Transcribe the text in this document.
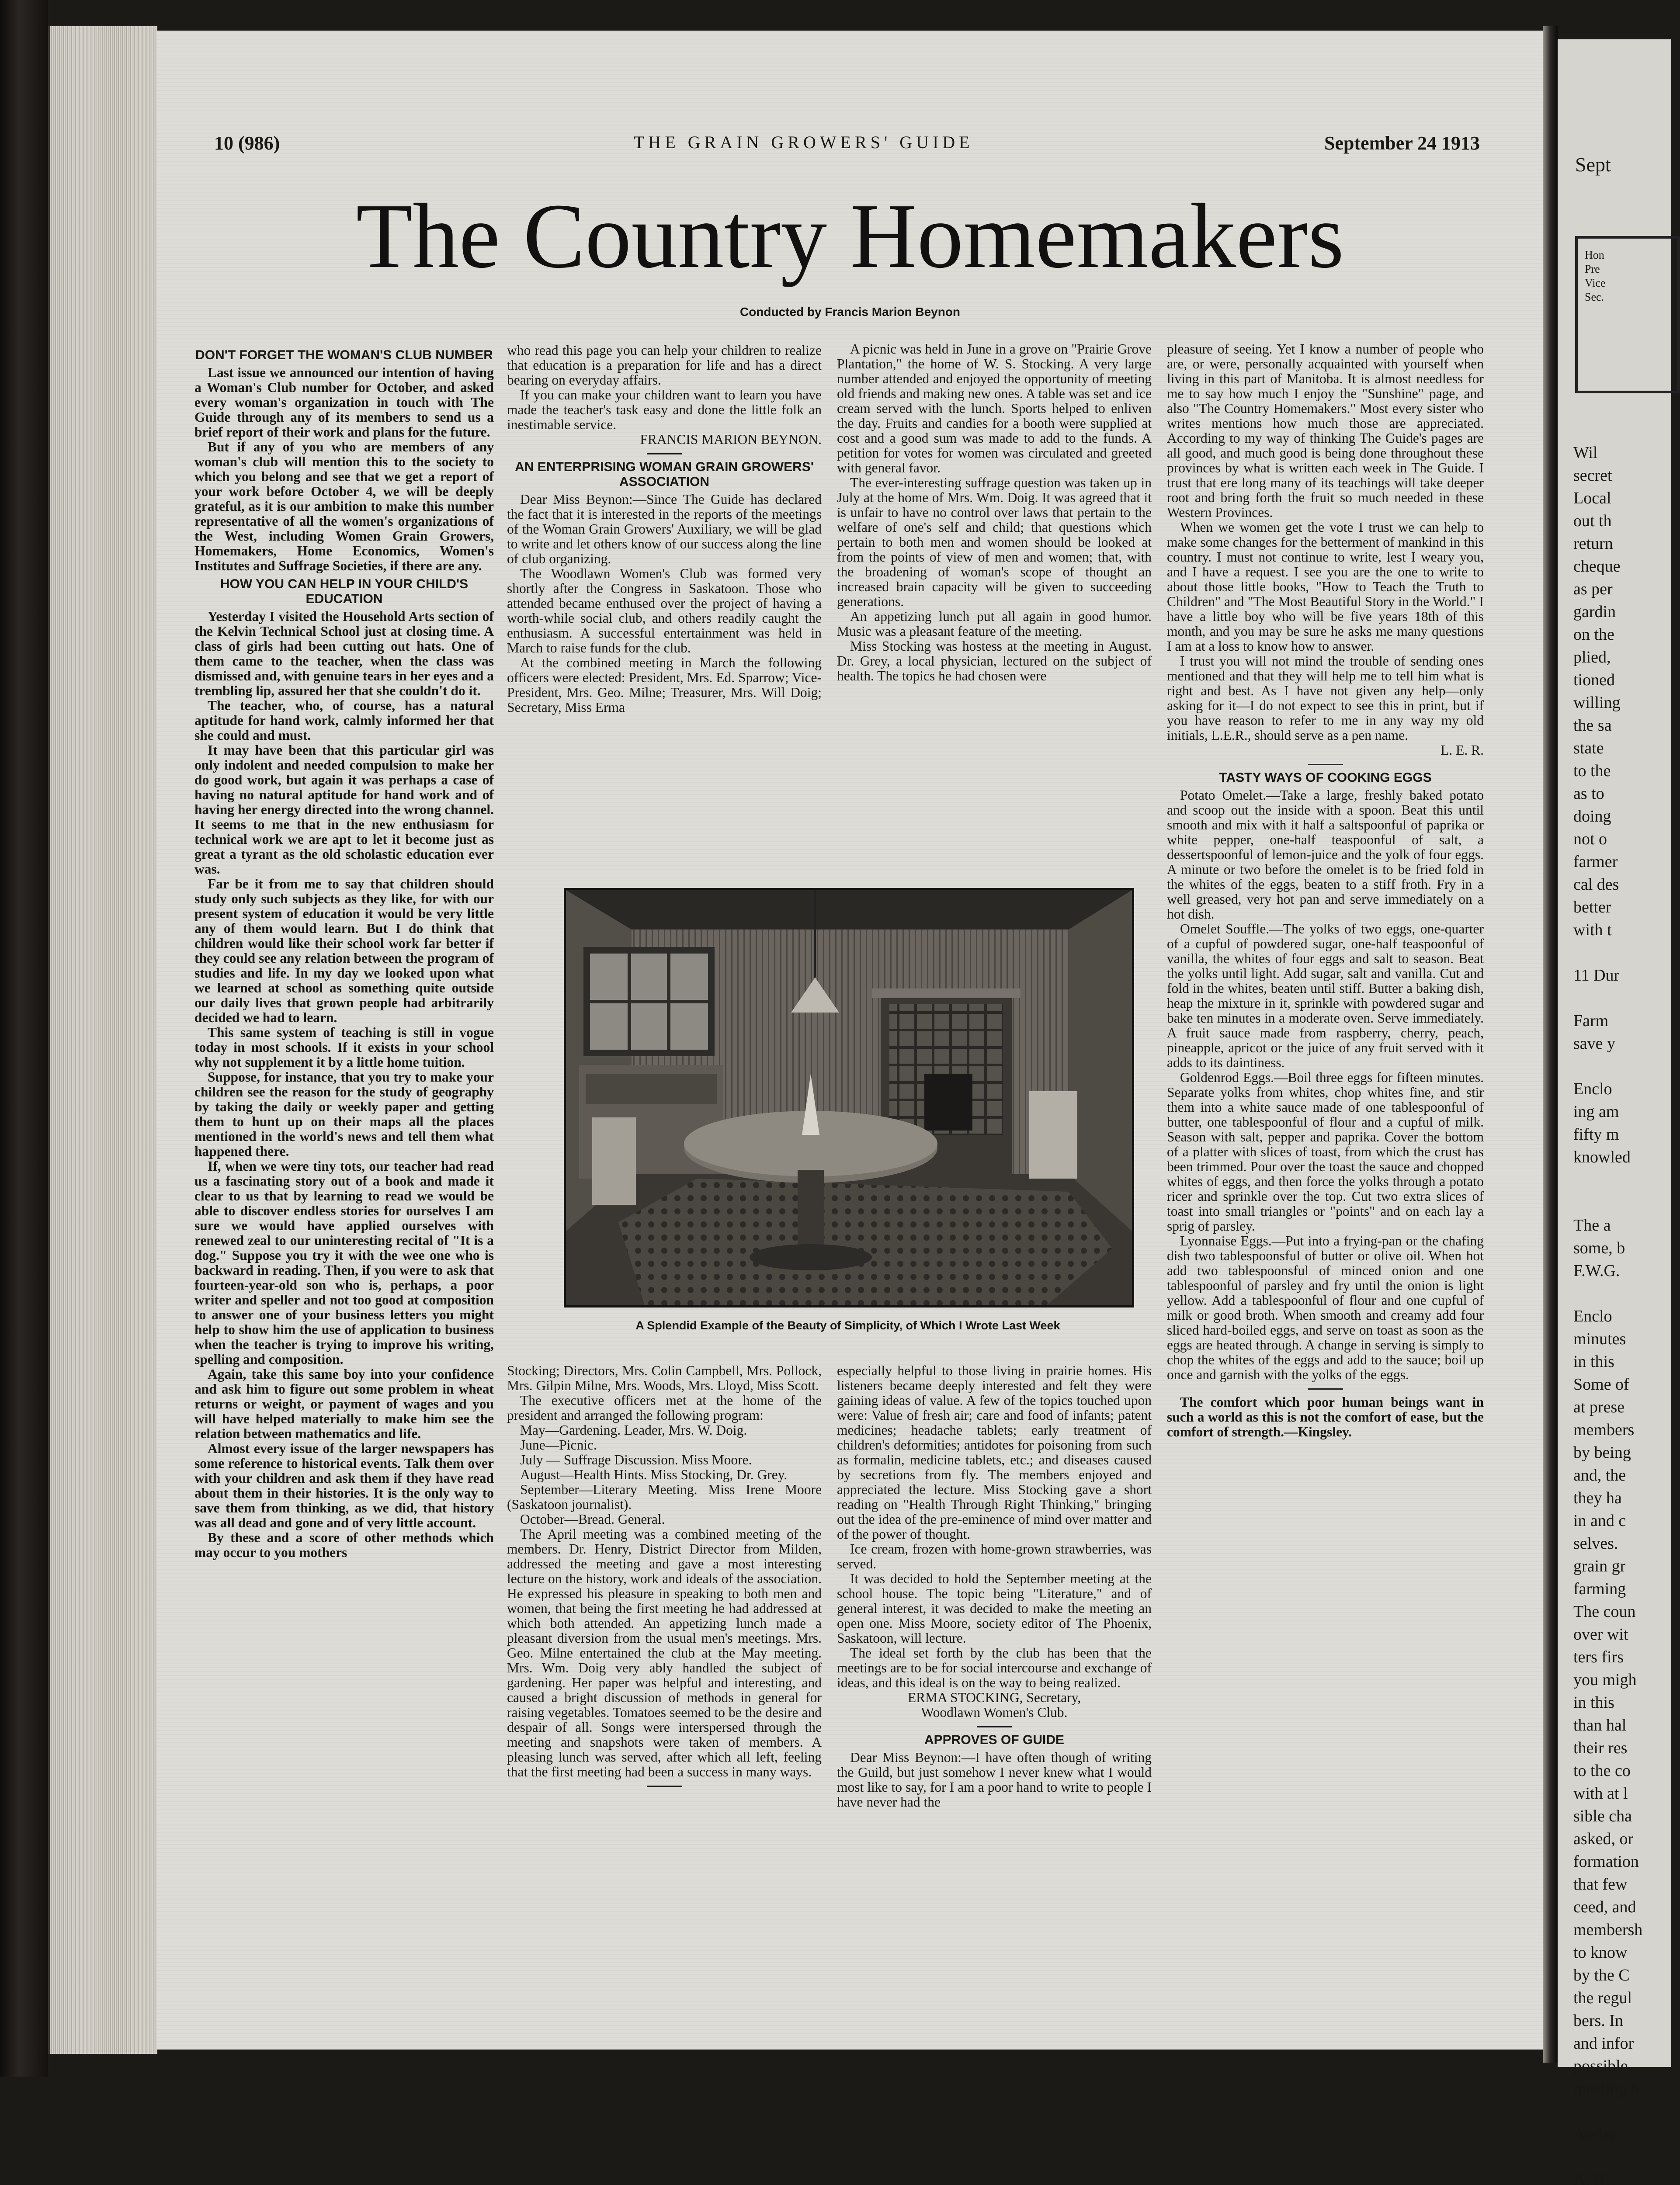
10 (986)	THE GRAIN GROWERS' GUIDE	September 24 1913
The Country Homemakers
Conducted by Francis Marion Beynon
DON'T FORGET THE WOMAN'S CLUB NUMBER

Last issue we announced our intention of having a Woman's Club number for October, and asked every woman's organization in touch with The Guide through any of its members to send us a brief report of their work and plans for the future.

But if any of you who are members of any woman's club will mention this to the society to which you belong and see that we get a report of your work before October 4, we will be deeply grateful, as it is our ambition to make this number representative of all the women's organizations of the West, including Women Grain Growers, Homemakers, Home Economics, Women's Institutes and Suffrage Societies, if there are any.

HOW YOU CAN HELP IN YOUR CHILD'S EDUCATION

Yesterday I visited the Household Arts section of the Kelvin Technical School just at closing time. A class of girls had been cutting out hats. One of them came to the teacher, when the class was dismissed and, with genuine tears in her eyes and a trembling lip, assured her that she couldn't do it.

The teacher, who, of course, has a natural aptitude for hand work, calmly informed her that she could and must.

It may have been that this particular girl was only indolent and needed compulsion to make her do good work, but again it was perhaps a case of having no natural aptitude for hand work and of having her energy directed into the wrong channel. It seems to me that in the new enthusiasm for technical work we are apt to let it become just as great a tyrant as the old scholastic education ever was.

Far be it from me to say that children should study only such subjects as they like, for with our present system of education it would be very little any of them would learn. But I do think that children would like their school work far better if they could see any relation between the program of studies and life. In my day we looked upon what we learned at school as something quite outside our daily lives that grown people had arbitrarily decided we had to learn.

This same system of teaching is still in vogue today in most schools. If it exists in your school why not supplement it by a little home tuition.

Suppose, for instance, that you try to make your children see the reason for the study of geography by taking the daily or weekly paper and getting them to hunt up on their maps all the places mentioned in the world's news and tell them what happened there.

If, when we were tiny tots, our teacher had read us a fascinating story out of a book and made it clear to us that by learning to read we would be able to discover endless stories for ourselves I am sure we would have applied ourselves with renewed zeal to our uninteresting recital of "It is a dog." Suppose you try it with the wee one who is backward in reading. Then, if you were to ask that fourteen-year-old son who is, perhaps, a poor writer and speller and not too good at composition to answer one of your business letters you might help to show him the use of application to business when the teacher is trying to improve his writing, spelling and composition.

Again, take this same boy into your confidence and ask him to figure out some problem in wheat returns or weight, or payment of wages and you will have helped materially to make him see the relation between mathematics and life.

Almost every issue of the larger newspapers has some reference to historical events. Talk them over with your children and ask them if they have read about them in their histories. It is the only way to save them from thinking, as we did, that history was all dead and gone and of very little account.

By these and a score of other methods which may occur to you mothers

who read this page you can help your children to realize that education is a preparation for life and has a direct bearing on everyday affairs.

If you can make your children want to learn you have made the teacher's task easy and done the little folk an inestimable service.

FRANCIS MARION BEYNON.
AN ENTERPRISING WOMAN GRAIN GROWERS' ASSOCIATION

Dear Miss Beynon:—Since The Guide has declared the fact that it is interested in the reports of the meetings of the Woman Grain Growers' Auxiliary, we will be glad to write and let others know of our success along the line of club organizing.

The Woodlawn Women's Club was formed very shortly after the Congress in Saskatoon. Those who attended became enthused over the project of having a worth-while social club, and others readily caught the enthusiasm. A successful entertainment was held in March to raise funds for the club.

At the combined meeting in March the following officers were elected: President, Mrs. Ed. Sparrow; Vice-President, Mrs. Geo. Milne; Treasurer, Mrs. Will Doig; Secretary, Miss Erma

A picnic was held in June in a grove on "Prairie Grove Plantation," the home of W. S. Stocking. A very large number attended and enjoyed the opportunity of meeting old friends and making new ones. A table was set and ice cream served with the lunch. Sports helped to enliven the day. Fruits and candies for a booth were supplied at cost and a good sum was made to add to the funds. A petition for votes for women was circulated and greeted with general favor.

The ever-interesting suffrage question was taken up in July at the home of Mrs. Wm. Doig. It was agreed that it is unfair to have no control over laws that pertain to the welfare of one's self and child; that questions which pertain to both men and women should be looked at from the points of view of men and women; that, with the broadening of woman's scope of thought an increased brain capacity will be given to succeeding generations.

An appetizing lunch put all again in good humor. Music was a pleasant feature of the meeting.

Miss Stocking was hostess at the meeting in August. Dr. Grey, a local physician, lectured on the subject of health. The topics he had chosen were

pleasure of seeing. Yet I know a number of people who are, or were, personally acquainted with yourself when living in this part of Manitoba. It is almost needless for me to say how much I enjoy the "Sunshine" page, and also "The Country Homemakers." Most every sister who writes mentions how much those are appreciated. According to my way of thinking The Guide's pages are all good, and much good is being done throughout these provinces by what is written each week in The Guide. I trust that ere long many of its teachings will take deeper root and bring forth the fruit so much needed in these Western Provinces.

When we women get the vote I trust we can help to make some changes for the betterment of mankind in this country. I must not continue to write, lest I weary you, and I have a request. I see you are the one to write to about those little books, "How to Teach the Truth to Children" and "The Most Beautiful Story in the World." I have a little boy who will be five years 18th of this month, and you may be sure he asks me many questions I am at a loss to know how to answer.

I trust you will not mind the trouble of sending ones mentioned and that they will help me to tell him what is right and best. As I have not given any help—only asking for it—I do not expect to see this in print, but if you have reason to refer to me in any way my old initials, L.E.R., should serve as a pen name.

L. E. R.
TASTY WAYS OF COOKING EGGS

Potato Omelet.—Take a large, freshly baked potato and scoop out the inside with a spoon. Beat this until smooth and mix with it half a saltspoonful of paprika or white pepper, one-half teaspoonful of salt, a dessertspoonful of lemon-juice and the yolk of four eggs. A minute or two before the omelet is to be fried fold in the whites of the eggs, beaten to a stiff froth. Fry in a well greased, very hot pan and serve immediately on a hot dish.

Omelet Souffle.—The yolks of two eggs, one-quarter of a cupful of powdered sugar, one-half teaspoonful of vanilla, the whites of four eggs and salt to season. Beat the yolks until light. Add sugar, salt and vanilla. Cut and fold in the whites, beaten until stiff. Butter a baking dish, heap the mixture in it, sprinkle with powdered sugar and bake ten minutes in a moderate oven. Serve immediately. A fruit sauce made from raspberry, cherry, peach, pineapple, apricot or the juice of any fruit served with it adds to its daintiness.

Goldenrod Eggs.—Boil three eggs for fifteen minutes. Separate yolks from whites, chop whites fine, and stir them into a white sauce made of one tablespoonful of butter, one tablespoonful of flour and a cupful of milk. Season with salt, pepper and paprika. Cover the bottom of a platter with slices of toast, from which the crust has been trimmed. Pour over the toast the sauce and chopped whites of eggs, and then force the yolks through a potato ricer and sprinkle over the top. Cut two extra slices of toast into small triangles or "points" and on each lay a sprig of parsley.

Lyonnaise Eggs.—Put into a frying-pan or the chafing dish two tablespoonsful of butter or olive oil. When hot add two tablespoonsful of minced onion and one tablespoonful of parsley and fry until the onion is light yellow. Add a tablespoonful of flour and one cupful of milk or good broth. When smooth and creamy add four sliced hard-boiled eggs, and serve on toast as soon as the eggs are heated through. A change in serving is simply to chop the whites of the eggs and add to the sauce; boil up once and garnish with the yolks of the eggs.

The comfort which poor human beings want in such a world as this is not the comfort of ease, but the comfort of strength.—Kingsley.

A Splendid Example of the Beauty of Simplicity, of Which I Wrote Last Week

Stocking; Directors, Mrs. Colin Campbell, Mrs. Pollock, Mrs. Gilpin Milne, Mrs. Woods, Mrs. Lloyd, Miss Scott.

The executive officers met at the home of the president and arranged the following program:

May—Gardening. Leader, Mrs. W. Doig.

June—Picnic.

July — Suffrage Discussion. Miss Moore.

August—Health Hints. Miss Stocking, Dr. Grey.

September—Literary Meeting. Miss Irene Moore (Saskatoon journalist).

October—Bread. General.

The April meeting was a combined meeting of the members. Dr. Henry, District Director from Milden, addressed the meeting and gave a most interesting lecture on the history, work and ideals of the association. He expressed his pleasure in speaking to both men and women, that being the first meeting he had addressed at which both attended. An appetizing lunch made a pleasant diversion from the usual men's meetings. Mrs. Geo. Milne entertained the club at the May meeting. Mrs. Wm. Doig very ably handled the subject of gardening. Her paper was helpful and interesting, and caused a bright discussion of methods in general for raising vegetables. Tomatoes seemed to be the desire and despair of all. Songs were interspersed through the meeting and snapshots were taken of members. A pleasing lunch was served, after which all left, feeling that the first meeting had been a success in many ways.

especially helpful to those living in prairie homes. His listeners became deeply interested and felt they were gaining ideas of value. A few of the topics touched upon were: Value of fresh air; care and food of infants; patent medicines; headache tablets; early treatment of children's deformities; antidotes for poisoning from such as formalin, medicine tablets, etc.; and diseases caused by secretions from fly. The members enjoyed and appreciated the lecture. Miss Stocking gave a short reading on "Health Through Right Thinking," bringing out the idea of the pre-eminence of mind over matter and of the power of thought.

Ice cream, frozen with home-grown strawberries, was served.

It was decided to hold the September meeting at the school house. The topic being "Literature," and of general interest, it was decided to make the meeting an open one. Miss Moore, society editor of The Phoenix, Saskatoon, will lecture.

The ideal set forth by the club has been that the meetings are to be for social intercourse and exchange of ideas, and this ideal is on the way to being realized.

ERMA STOCKING, Secretary,
Woodlawn Women's Club.
APPROVES OF GUIDE

Dear Miss Beynon:—I have often though of writing the Guild, but just somehow I never knew what I would most like to say, for I am a poor hand to write to people I have never had the

Sept
Hon
Pre
Vice
Sec.
Wil
secret
Local
out th
return
cheque
as per
gardin
on the
plied,
tioned
willing
the sa
state
to the
as to
doing
not o
farmer
cal des
better
with t

11 Dur

Farm
save y

Enclo
ing am
fifty m
knowled

The a
some, b
F.W.G.

Enclo
minutes
in this
Some of
at prese
members
by being
and, the
they ha
in and c
selves.
grain gr
farming
The coun
over wit
ters firs
you migh
in this
than hal
their res
to the co
with at l
sible cha
asked, or
formation
that few
ceed, and
membersh
to know
by the C
the regul
bers. In
and infor
possible,
meeting b

Arelee.

A. H.
